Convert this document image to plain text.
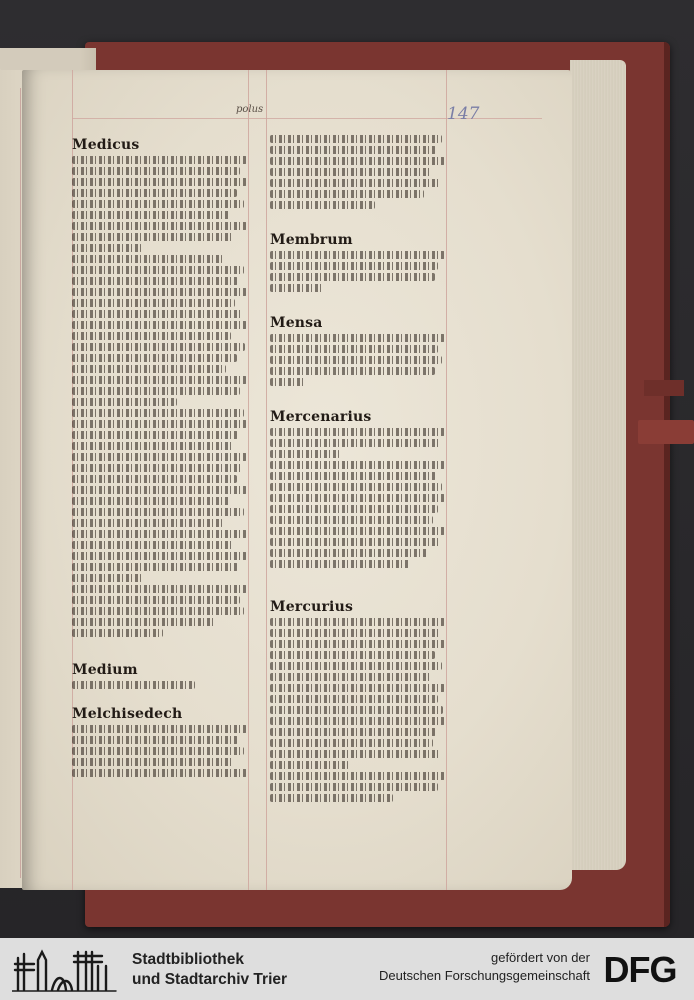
polus	147
Medicus
Medium
Melchisedech
Membrum
Mensa
Mercenarius
Mercurius
Stadtbibliothek
und Stadtarchiv Trier
gefördert von der
Deutschen Forschungsgemeinschaft DFG
